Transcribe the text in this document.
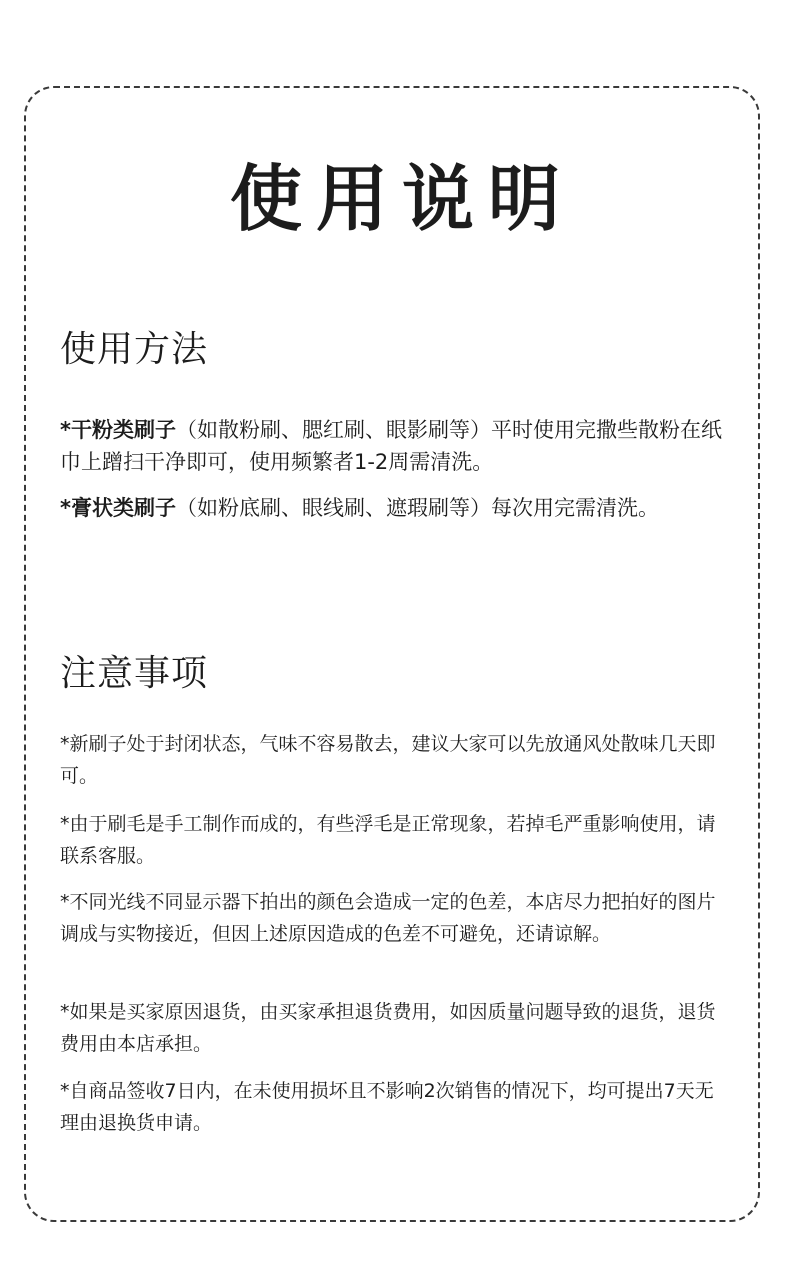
使用说明
使用方法

*干粉类刷子（如散粉刷、腮红刷、眼影刷等）平时使用完撒些散粉在纸巾上蹭扫干净即可，使用频繁者1-2周需清洗。

*膏状类刷子（如粉底刷、眼线刷、遮瑕刷等）每次用完需清洗。

注意事项

*新刷子处于封闭状态，气味不容易散去，建议大家可以先放通风处散味几天即可。

*由于刷毛是手工制作而成的，有些浮毛是正常现象，若掉毛严重影响使用，请联系客服。

*不同光线不同显示器下拍出的颜色会造成一定的色差，本店尽力把拍好的图片调成与实物接近，但因上述原因造成的色差不可避免，还请谅解。

*如果是买家原因退货，由买家承担退货费用，如因质量问题导致的退货，退货费用由本店承担。

*自商品签收7日内，在未使用损坏且不影响2次销售的情况下，均可提出7天无理由退换货申请。
